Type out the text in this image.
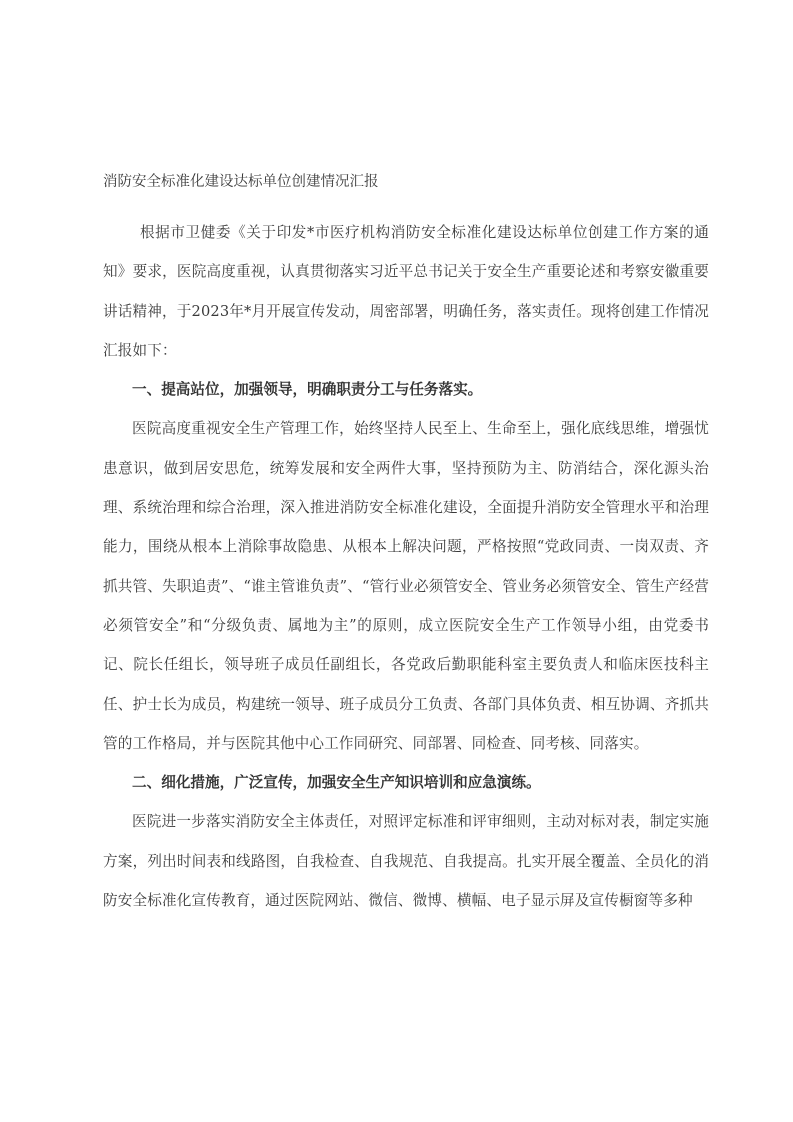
消防安全标准化建设达标单位创建情况汇报

根据市卫健委《关于印发*市医疗机构消防安全标准化建设达标单位创建工作方案的通知》要求，医院高度重视，认真贯彻落实习近平总书记关于安全生产重要论述和考察安徽重要讲话精神，于2023年*月开展宣传发动，周密部署，明确任务，落实责任。现将创建工作情况汇报如下：

一、提高站位，加强领导，明确职责分工与任务落实。

医院高度重视安全生产管理工作，始终坚持人民至上、生命至上，强化底线思维，增强忧患意识，做到居安思危，统筹发展和安全两件大事，坚持预防为主、防消结合，深化源头治理、系统治理和综合治理，深入推进消防安全标准化建设，全面提升消防安全管理水平和治理能力，围绕从根本上消除事故隐患、从根本上解决问题，严格按照“党政同责、一岗双责、齐抓共管、失职追责”、“谁主管谁负责”、“管行业必须管安全、管业务必须管安全、管生产经营必须管安全”和“分级负责、属地为主”的原则，成立医院安全生产工作领导小组，由党委书记、院长任组长，领导班子成员任副组长，各党政后勤职能科室主要负责人和临床医技科主任、护士长为成员，构建统一领导、班子成员分工负责、各部门具体负责、相互协调、齐抓共管的工作格局，并与医院其他中心工作同研究、同部署、同检查、同考核、同落实。

二、细化措施，广泛宣传，加强安全生产知识培训和应急演练。

医院进一步落实消防安全主体责任，对照评定标准和评审细则，主动对标对表，制定实施方案，列出时间表和线路图，自我检查、自我规范、自我提高。扎实开展全覆盖、全员化的消防安全标准化宣传教育，通过医院网站、微信、微博、横幅、电子显示屏及宣传橱窗等多种
